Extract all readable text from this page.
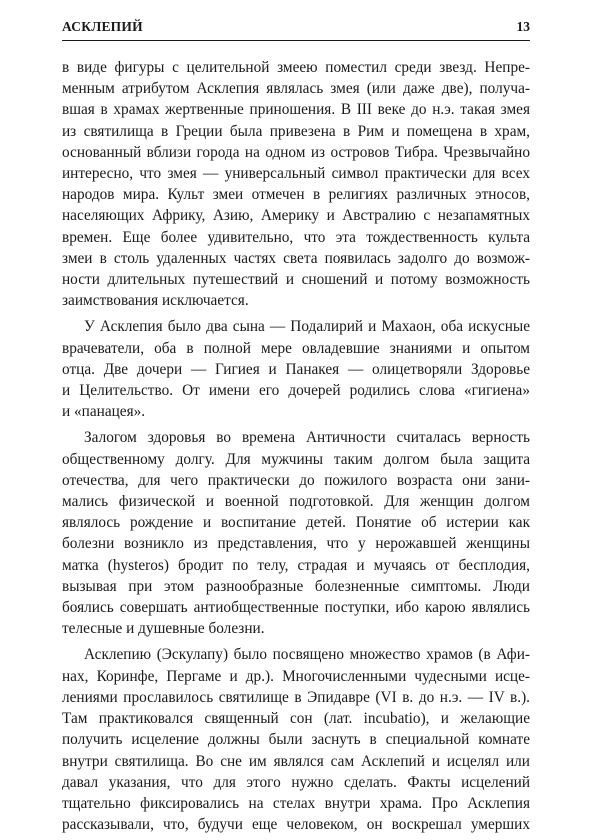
АСКЛЕПИЙ	13
в виде фигуры с целительной змеею поместил среди звезд. Непре-
менным атрибутом Асклепия являлась змея (или даже две), получа-
вшая в храмах жертвенные приношения. В III веке до н.э. такая змея
из святилища в Греции была привезена в Рим и помещена в храм,
основанный вблизи города на одном из островов Тибра. Чрезвычайно
интересно, что змея — универсальный символ практически для всех
народов мира. Культ змеи отмечен в религиях различных этносов,
населяющих Африку, Азию, Америку и Австралию с незапамятных
времен. Еще более удивительно, что эта тождественность культа
змеи в столь удаленных частях света появилась задолго до возмож-
ности длительных путешествий и сношений и потому возможность
заимствования исключается.
У Асклепия было два сына — Подалирий и Махаон, оба искусные
врачеватели, оба в полной мере овладевшие знаниями и опытом
отца. Две дочери — Гигиея и Панакея — олицетворяли Здоровье
и Целительство. От имени его дочерей родились слова «гигиена»
и «панацея».
Залогом здоровья во времена Античности считалась верность
общественному долгу. Для мужчины таким долгом была защита
отечества, для чего практически до пожилого возраста они зани-
мались физической и военной подготовкой. Для женщин долгом
являлось рождение и воспитание детей. Понятие об истерии как
болезни возникло из представления, что у нерожавшей женщины
матка (hysteros) бродит по телу, страдая и мучаясь от бесплодия,
вызывая при этом разнообразные болезненные симптомы. Люди
боялись совершать антиобщественные поступки, ибо карою являлись
телесные и душевные болезни.
Асклепию (Эскулапу) было посвящено множество храмов (в Афи-
нах, Коринфе, Пергаме и др.). Многочисленными чудесными исце-
лениями прославилось святилище в Эпидавре (VI в. до н.э. — IV в.).
Там практиковался священный сон (лат. incubatio), и желающие
получить исцеление должны были заснуть в специальной комнате
внутри святилища. Во сне им являлся сам Асклепий и исцелял или
давал указания, что для этого нужно сделать. Факты исцелений
тщательно фиксировались на стелах внутри храма. Про Асклепия
рассказывали, что, будучи еще человеком, он воскрешал умерших
